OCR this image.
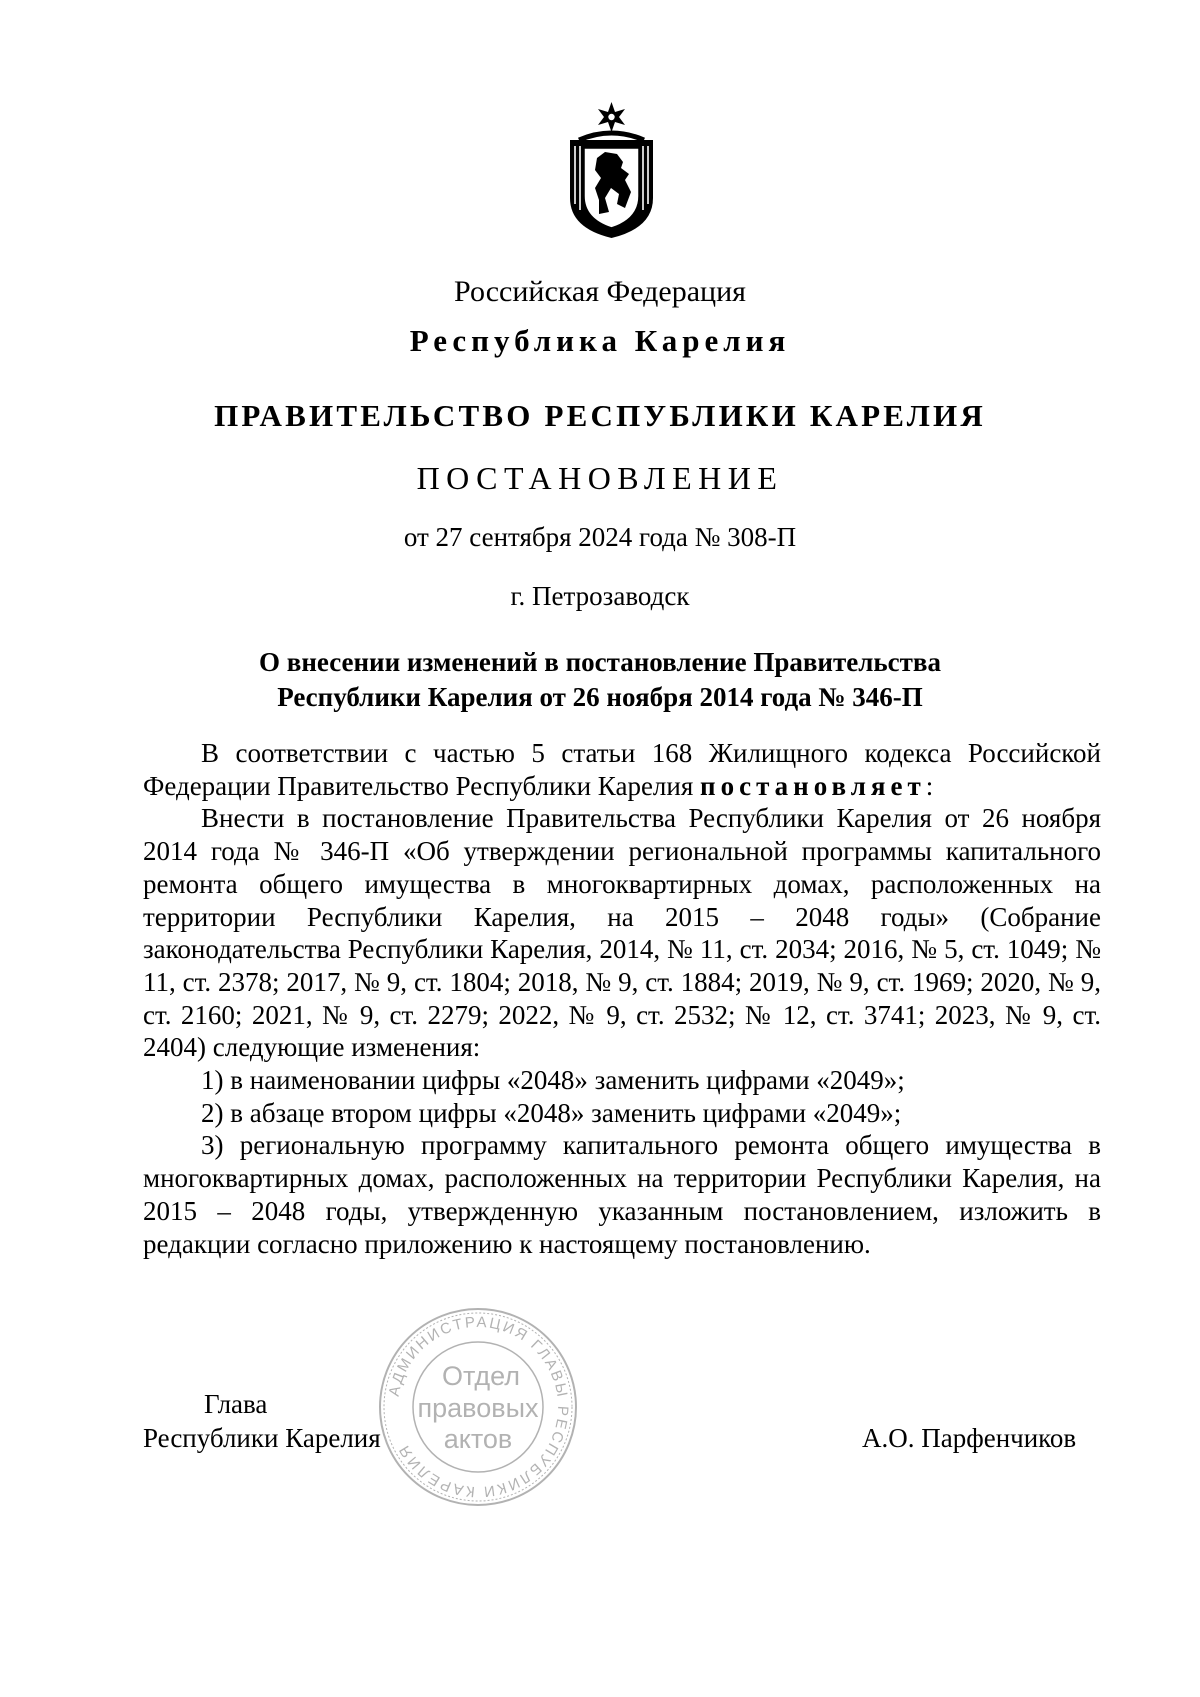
Российская Федерация
Республика Карелия
ПРАВИТЕЛЬСТВО РЕСПУБЛИКИ КАРЕЛИЯ
ПОСТАНОВЛЕНИЕ
от 27 сентября 2024 года № 308-П
г. Петрозаводск
О внесении изменений в постановление Правительства
Республики Карелия от 26 ноября 2014 года № 346-П

В соответствии с частью 5 статьи 168 Жилищного кодекса Российской Федерации Правительство Республики Карелия постановляет:

Внести в постановление Правительства Республики Карелия от 26 ноября 2014 года № 346-П «Об утверждении региональной программы капитального ремонта общего имущества в многоквартирных домах, расположенных на территории Республики Карелия, на 2015 – 2048 годы» (Собрание законодательства Республики Карелия, 2014, № 11, ст. 2034; 2016, № 5, ст. 1049; № 11, ст. 2378; 2017, № 9, ст. 1804; 2018, № 9, ст. 1884; 2019, № 9, ст. 1969; 2020, № 9, ст. 2160; 2021, № 9, ст. 2279; 2022, № 9, ст. 2532; № 12, ст. 3741; 2023, № 9, ст. 2404) следующие изменения:

1) в наименовании цифры «2048» заменить цифрами «2049»;

2) в абзаце втором цифры «2048» заменить цифрами «2049»;

3) региональную программу капитального ремонта общего имущества в многоквартирных домах, расположенных на территории Республики Карелия, на 2015 – 2048 годы, утвержденную указанным постановлением, изложить в редакции согласно приложению к настоящему постановлению.

Глава
Республики Карелия	А.О. Парфенчиков
АДМИНИСТРАЦИЯ ГЛАВЫ РЕСПУБЛИКИ КАРЕЛИЯ
Отдел
правовых
актов
